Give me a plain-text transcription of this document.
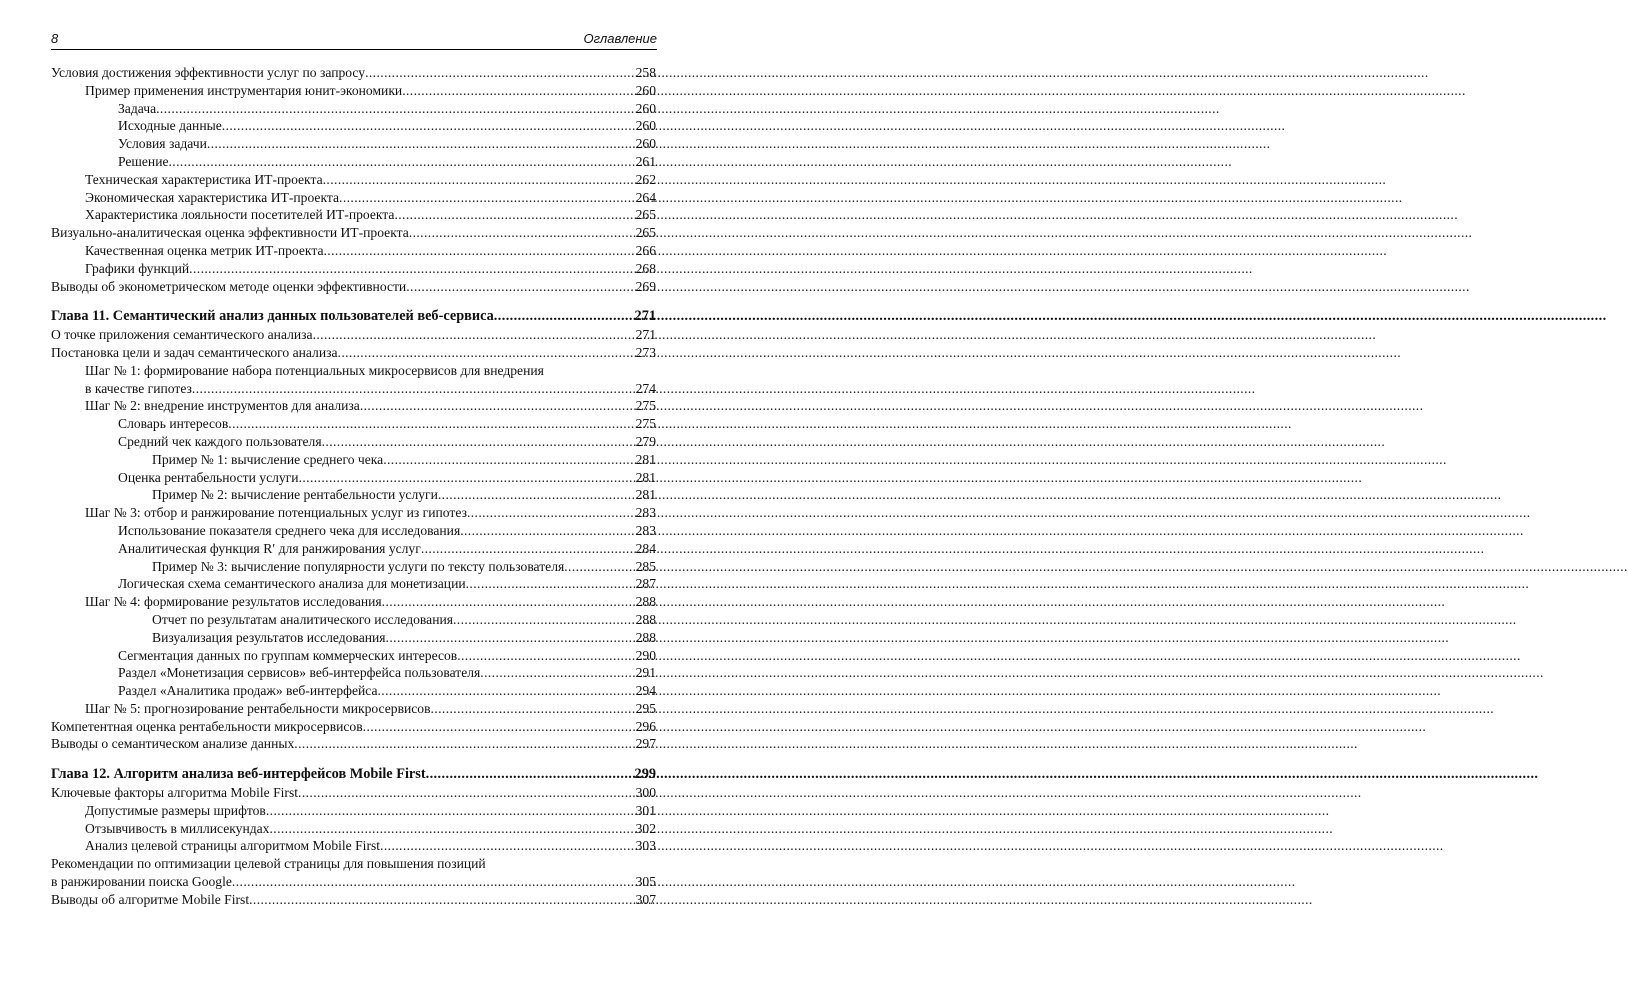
8	Оглавление
Условия достижения эффективности услуг по запросу .....	258
Пример применения инструментария юнит-экономики .....	260
Задача .....	260
Исходные данные .....	260
Условия задачи .....	260
Решение .....	261
Техническая характеристика ИТ-проекта .....	262
Экономическая характеристика ИТ-проекта .....	264
Характеристика лояльности посетителей ИТ-проекта .....	265
Визуально-аналитическая оценка эффективности ИТ-проекта .....	265
Качественная оценка метрик ИТ-проекта .....	266
Графики функций .....	268
Выводы об эконометрическом методе оценки эффективности .....	269
Глава 11. Семантический анализ данных пользователей веб-сервиса .....	271
О точке приложения семантического анализа .....	271
Постановка цели и задач семантического анализа .....	273
Шаг № 1: формирование набора потенциальных микросервисов для внедрения
в качестве гипотез .....	274
Шаг № 2: внедрение инструментов для анализа .....	275
Словарь интересов .....	275
Средний чек каждого пользователя .....	279
Пример № 1: вычисление среднего чека .....	281
Оценка рентабельности услуги .....	281
Пример № 2: вычисление рентабельности услуги .....	281
Шаг № 3: отбор и ранжирование потенциальных услуг из гипотез .....	283
Использование показателя среднего чека для исследования .....	283
Аналитическая функция R′ для ранжирования услуг .....	284
Пример № 3: вычисление популярности услуги по тексту пользователя .....	285
Логическая схема семантического анализа для монетизации .....	287
Шаг № 4: формирование результатов исследования .....	288
Отчет по результатам аналитического исследования .....	288
Визуализация результатов исследования .....	288
Сегментация данных по группам коммерческих интересов .....	290
Раздел «Монетизация сервисов» веб-интерфейса пользователя .....	291
Раздел «Аналитика продаж» веб-интерфейса .....	294
Шаг № 5: прогнозирование рентабельности микросервисов .....	295
Компетентная оценка рентабельности микросервисов .....	296
Выводы о семантическом анализе данных .....	297
Глава 12. Алгоритм анализа веб-интерфейсов Mobile First .....	299
Ключевые факторы алгоритма Mobile First .....	300
Допустимые размеры шрифтов .....	301
Отзывчивость в миллисекундах .....	302
Анализ целевой страницы алгоритмом Mobile First .....	303
Рекомендации по оптимизации целевой страницы для повышения позиций
в ранжировании поиска Google .....	305
Выводы об алгоритме Mobile First .....	307
